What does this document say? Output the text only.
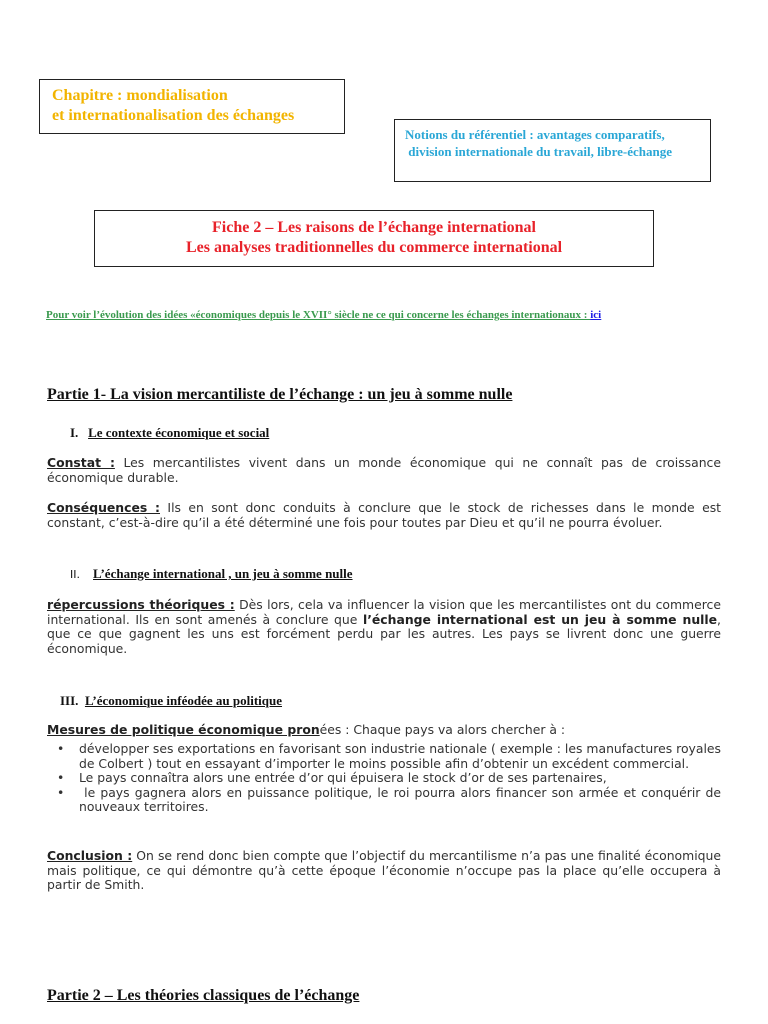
Chapitre : mondialisation
et internationalisation des échanges
Notions du référentiel : avantages comparatifs,
division internationale du travail, libre-échange
Fiche 2 – Les raisons de l’échange international
Les analyses traditionnelles du commerce international
Pour voir l’évolution des idées «économiques depuis le XVII° siècle ne ce qui concerne les échanges internationaux : ici
Partie 1- La vision mercantiliste de l’échange : un jeu à somme nulle
I. Le contexte économique et social
Constat : Les mercantilistes vivent dans un monde économique qui ne connaît pas de croissance économique durable.
Conséquences : Ils en sont donc conduits à conclure que le stock de richesses dans le monde est constant, c’est-à-dire qu’il a été déterminé une fois pour toutes par Dieu et qu’il ne pourra évoluer.
II. L’échange international , un jeu à somme nulle
répercussions théoriques : Dès lors, cela va influencer la vision que les mercantilistes ont du commerce international. Ils en sont amenés à conclure que l’échange international est un jeu à somme nulle, que ce que gagnent les uns est forcément perdu par les autres. Les pays se livrent donc une guerre économique.
III. L’économique inféodée au politique
Mesures de politique économique pronées : Chaque pays va alors chercher à :
• développer ses exportations en favorisant son industrie nationale ( exemple : les manufactures royales de Colbert ) tout en essayant d’importer le moins possible afin d’obtenir un excédent commercial.
• Le pays connaîtra alors une entrée d’or qui épuisera le stock d’or de ses partenaires,
• le pays gagnera alors en puissance politique, le roi pourra alors financer son armée et conquérir de nouveaux territoires.
Conclusion : On se rend donc bien compte que l’objectif du mercantilisme n’a pas une finalité économique mais politique, ce qui démontre qu’à cette époque l’économie n’occupe pas la place qu’elle occupera à partir de Smith.
Partie 2 – Les théories classiques de l’échange
